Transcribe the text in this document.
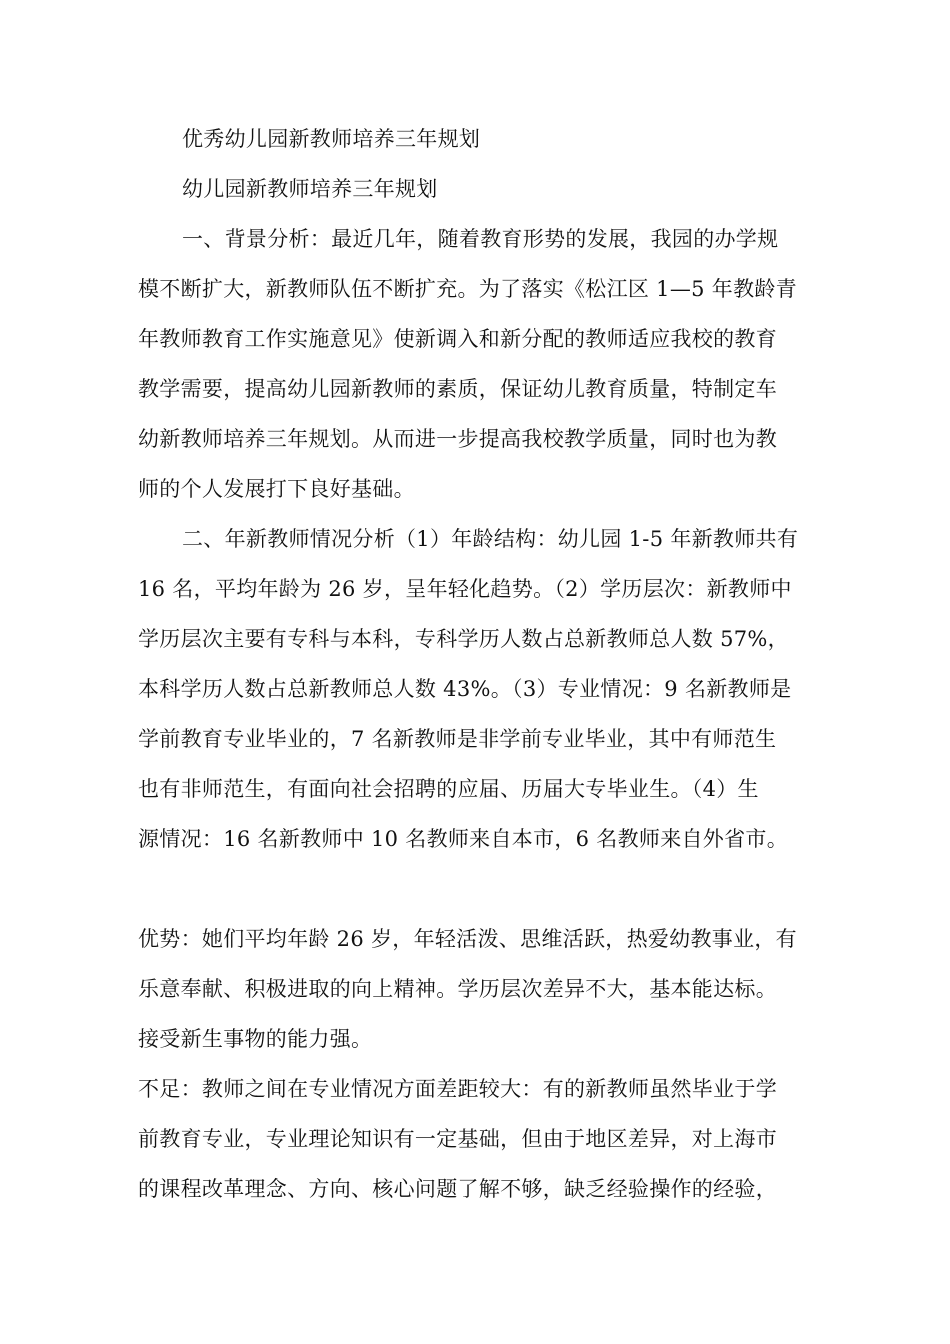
优秀幼儿园新教师培养三年规划
幼儿园新教师培养三年规划
一、背景分析：最近几年，随着教育形势的发展，我园的办学规
模不断扩大，新教师队伍不断扩充。为了落实《松江区 1—5 年教龄青
年教师教育工作实施意见》使新调入和新分配的教师适应我校的教育
教学需要，提高幼儿园新教师的素质，保证幼儿教育质量，特制定车
幼新教师培养三年规划。从而进一步提高我校教学质量，同时也为教
师的个人发展打下良好基础。
二、年新教师情况分析（1）年龄结构：幼儿园 1-5 年新教师共有
16 名，平均年龄为 26 岁，呈年轻化趋势。（2）学历层次：新教师中
学历层次主要有专科与本科，专科学历人数占总新教师总人数 57%，
本科学历人数占总新教师总人数 43%。（3）专业情况：9 名新教师是
学前教育专业毕业的，7 名新教师是非学前专业毕业，其中有师范生
也有非师范生，有面向社会招聘的应届、历届大专毕业生。（4）生
源情况：16 名新教师中 10 名教师来自本市，6 名教师来自外省市。
优势：她们平均年龄 26 岁，年轻活泼、思维活跃，热爱幼教事业，有
乐意奉献、积极进取的向上精神。学历层次差异不大，基本能达标。
接受新生事物的能力强。
不足：教师之间在专业情况方面差距较大：有的新教师虽然毕业于学
前教育专业，专业理论知识有一定基础，但由于地区差异，对上海市
的课程改革理念、方向、核心问题了解不够，缺乏经验操作的经验，
